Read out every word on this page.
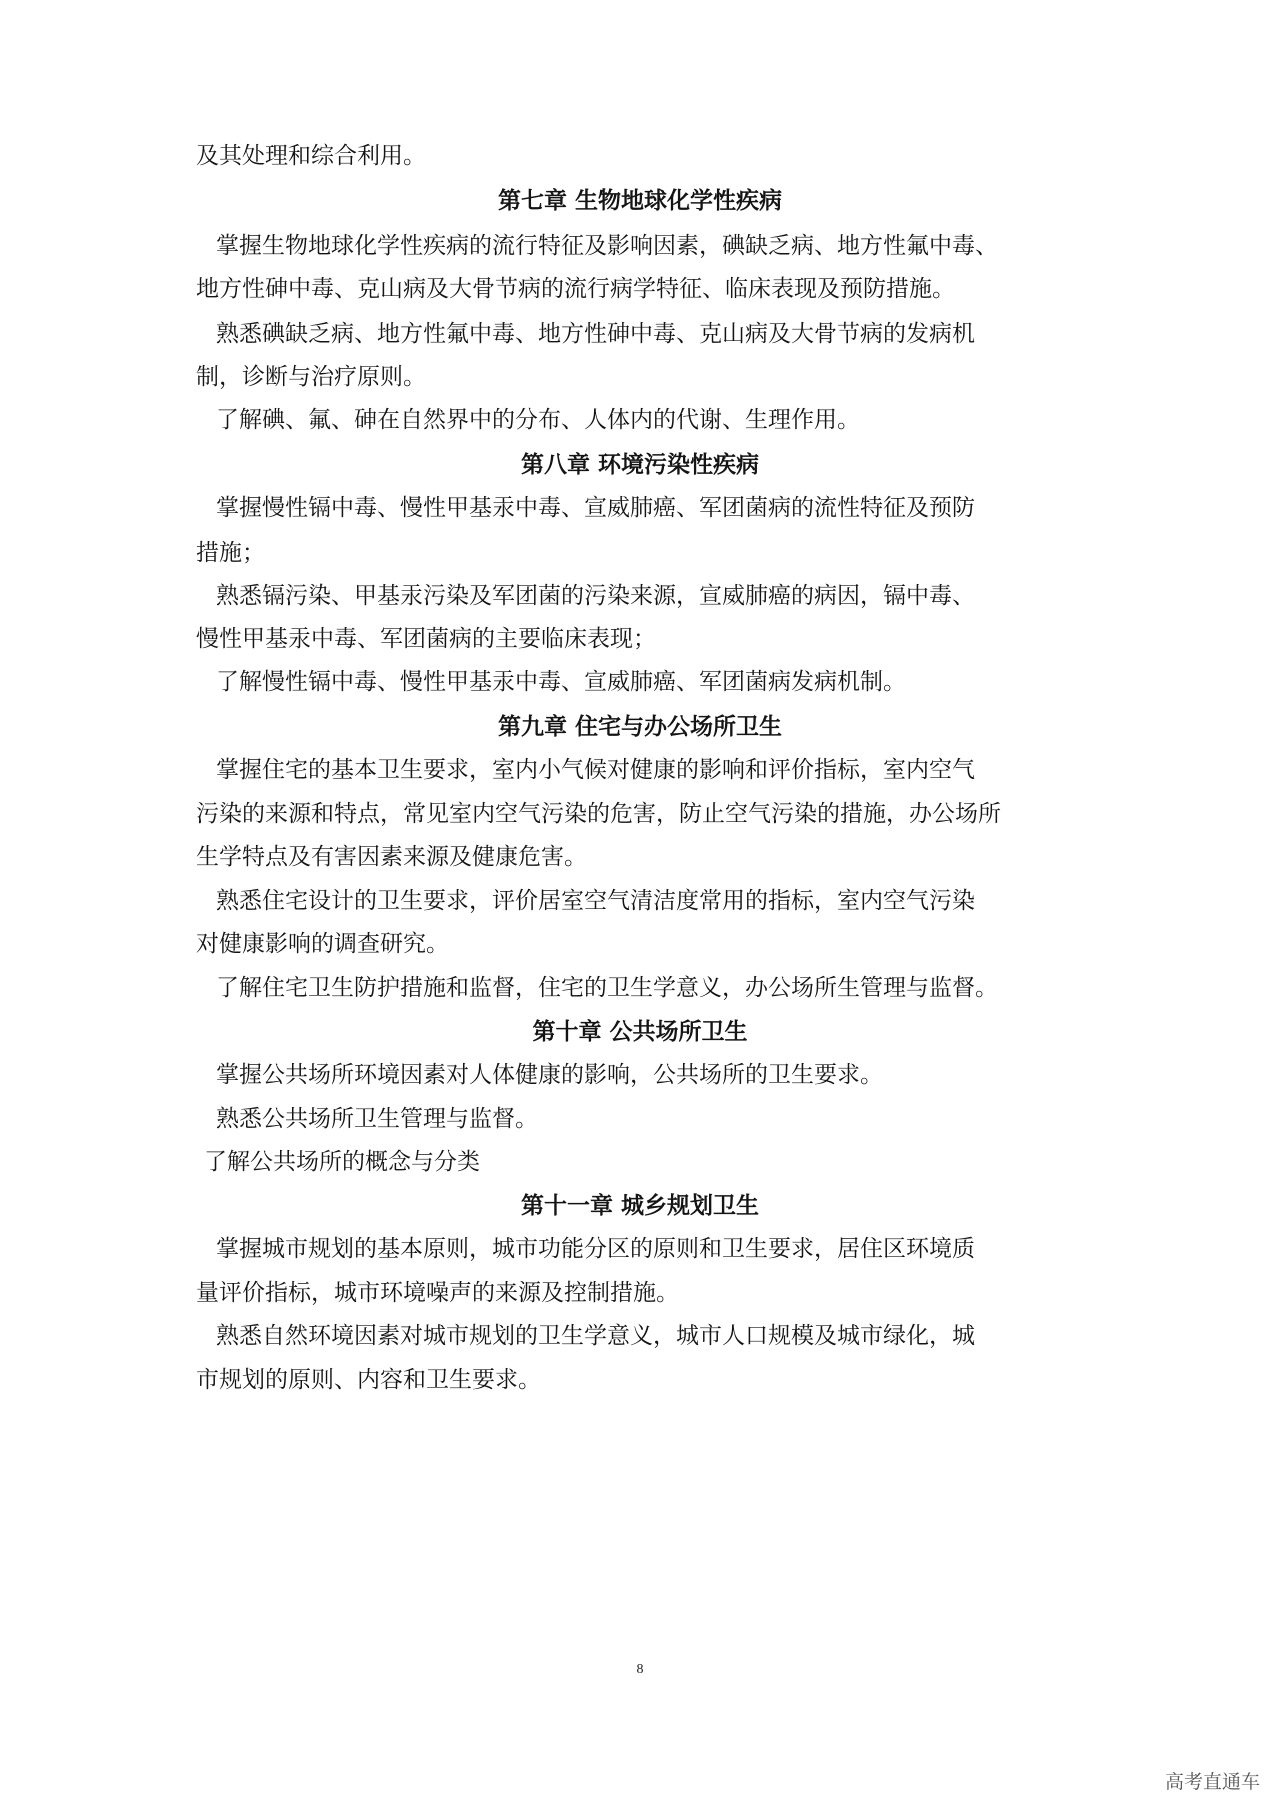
及其处理和综合利用。
第七章 生物地球化学性疾病
掌握生物地球化学性疾病的流行特征及影响因素，碘缺乏病、地方性氟中毒、
地方性砷中毒、克山病及大骨节病的流行病学特征、临床表现及预防措施。
熟悉碘缺乏病、地方性氟中毒、地方性砷中毒、克山病及大骨节病的发病机
制，诊断与治疗原则。
了解碘、氟、砷在自然界中的分布、人体内的代谢、生理作用。
第八章 环境污染性疾病
掌握慢性镉中毒、慢性甲基汞中毒、宣威肺癌、军团菌病的流性特征及预防
措施；
熟悉镉污染、甲基汞污染及军团菌的污染来源，宣威肺癌的病因，镉中毒、
慢性甲基汞中毒、军团菌病的主要临床表现；
了解慢性镉中毒、慢性甲基汞中毒、宣威肺癌、军团菌病发病机制。
第九章 住宅与办公场所卫生
掌握住宅的基本卫生要求，室内小气候对健康的影响和评价指标，室内空气
污染的来源和特点，常见室内空气污染的危害，防止空气污染的措施，办公场所
生学特点及有害因素来源及健康危害。
熟悉住宅设计的卫生要求，评价居室空气清洁度常用的指标，室内空气污染
对健康影响的调查研究。
了解住宅卫生防护措施和监督，住宅的卫生学意义，办公场所生管理与监督。
第十章 公共场所卫生
掌握公共场所环境因素对人体健康的影响，公共场所的卫生要求。
熟悉公共场所卫生管理与监督。
了解公共场所的概念与分类
第十一章 城乡规划卫生
掌握城市规划的基本原则，城市功能分区的原则和卫生要求，居住区环境质
量评价指标，城市环境噪声的来源及控制措施。
熟悉自然环境因素对城市规划的卫生学意义，城市人口规模及城市绿化，城
市规划的原则、内容和卫生要求。
8
高考直通车
